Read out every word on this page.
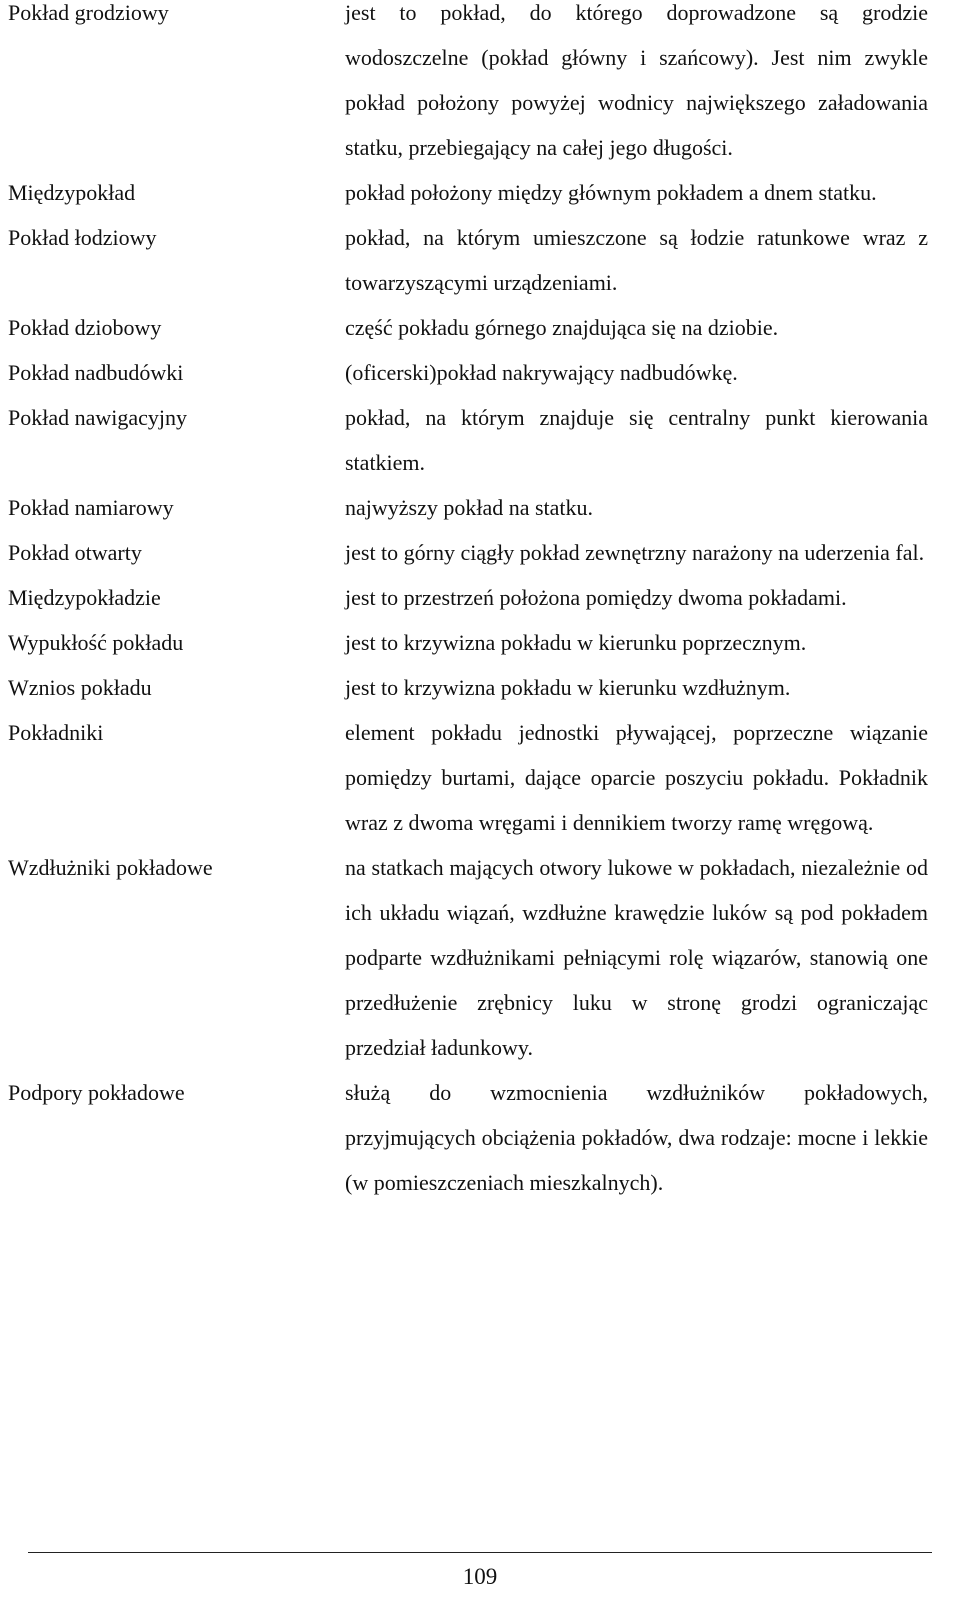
Pokład grodziowy	jest to pokład, do którego doprowadzone są grodzie wodoszczelne (pokład główny i szańcowy). Jest nim zwykle pokład położony powyżej wodnicy największego załadowania statku, przebiegający na całej jego długości.
Międzypokład	pokład położony między głównym pokładem a dnem statku.
Pokład łodziowy	pokład, na którym umieszczone są łodzie ratunkowe wraz z towarzyszącymi urządzeniami.
Pokład dziobowy	część pokładu górnego znajdująca się na dziobie.
Pokład nadbudówki	(oficerski)pokład nakrywający nadbudówkę.
Pokład nawigacyjny	pokład, na którym znajduje się centralny punkt kierowania statkiem.
Pokład namiarowy	najwyższy pokład na statku.
Pokład otwarty	jest to górny ciągły pokład zewnętrzny narażony na uderzenia fal.
Międzypokładzie	jest to przestrzeń położona pomiędzy dwoma pokładami.
Wypukłość pokładu	jest to krzywizna pokładu w kierunku poprzecznym.
Wznios pokładu	jest to krzywizna pokładu w kierunku wzdłużnym.
Pokładniki	element pokładu jednostki pływającej, poprzeczne wiązanie pomiędzy burtami, dające oparcie poszyciu pokładu. Pokładnik wraz z dwoma wręgami i dennikiem tworzy ramę wręgową.
Wzdłużniki pokładowe	na statkach mających otwory lukowe w pokładach, niezależnie od ich układu wiązań, wzdłużne krawędzie luków są pod pokładem podparte wzdłużnikami pełniącymi rolę wiązarów, stanowią one przedłużenie zrębnicy luku w stronę grodzi ograniczając przedział ładunkowy.
Podpory pokładowe	służą do wzmocnienia wzdłużników pokładowych, przyjmujących obciążenia pokładów, dwa rodzaje: mocne i lekkie (w pomieszczeniach mieszkalnych).
109
